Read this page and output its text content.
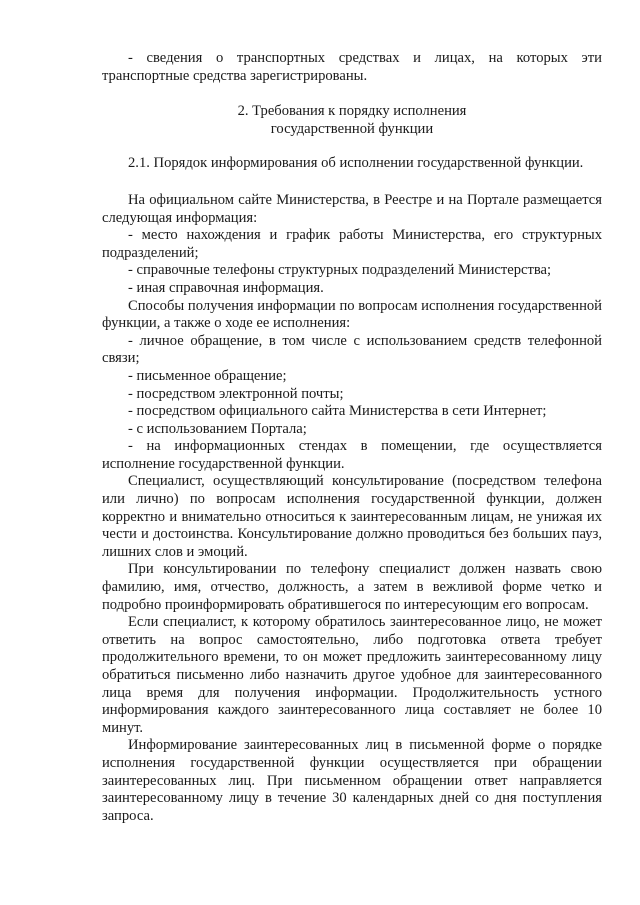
- сведения о транспортных средствах и лицах, на которых эти транспортные средства зарегистрированы.

2. Требования к порядку исполнения
государственной функции

2.1. Порядок информирования об исполнении государственной функции.

На официальном сайте Министерства, в Реестре и на Портале размещается следующая информация:

- место нахождения и график работы Министерства, его структурных подразделений;

- справочные телефоны структурных подразделений Министерства;

- иная справочная информация.

Способы получения информации по вопросам исполнения государственной функции, а также о ходе ее исполнения:

- личное обращение, в том числе с использованием средств телефонной связи;

- письменное обращение;

- посредством электронной почты;

- посредством официального сайта Министерства в сети Интернет;

- с использованием Портала;

- на информационных стендах в помещении, где осуществляется исполнение государственной функции.

Специалист, осуществляющий консультирование (посредством телефона или лично) по вопросам исполнения государственной функции, должен корректно и внимательно относиться к заинтересованным лицам, не унижая их чести и достоинства. Консультирование должно проводиться без больших пауз, лишних слов и эмоций.

При консультировании по телефону специалист должен назвать свою фамилию, имя, отчество, должность, а затем в вежливой форме четко и подробно проинформировать обратившегося по интересующим его вопросам.

Если специалист, к которому обратилось заинтересованное лицо, не может ответить на вопрос самостоятельно, либо подготовка ответа требует продолжительного времени, то он может предложить заинтересованному лицу обратиться письменно либо назначить другое удобное для заинтересованного лица время для получения информации. Продолжительность устного информирования каждого заинтересованного лица составляет не более 10 минут.

Информирование заинтересованных лиц в письменной форме о порядке исполнения государственной функции осуществляется при обращении заинтересованных лиц. При письменном обращении ответ направляется заинтересованному лицу в течение 30 календарных дней со дня поступления запроса.
